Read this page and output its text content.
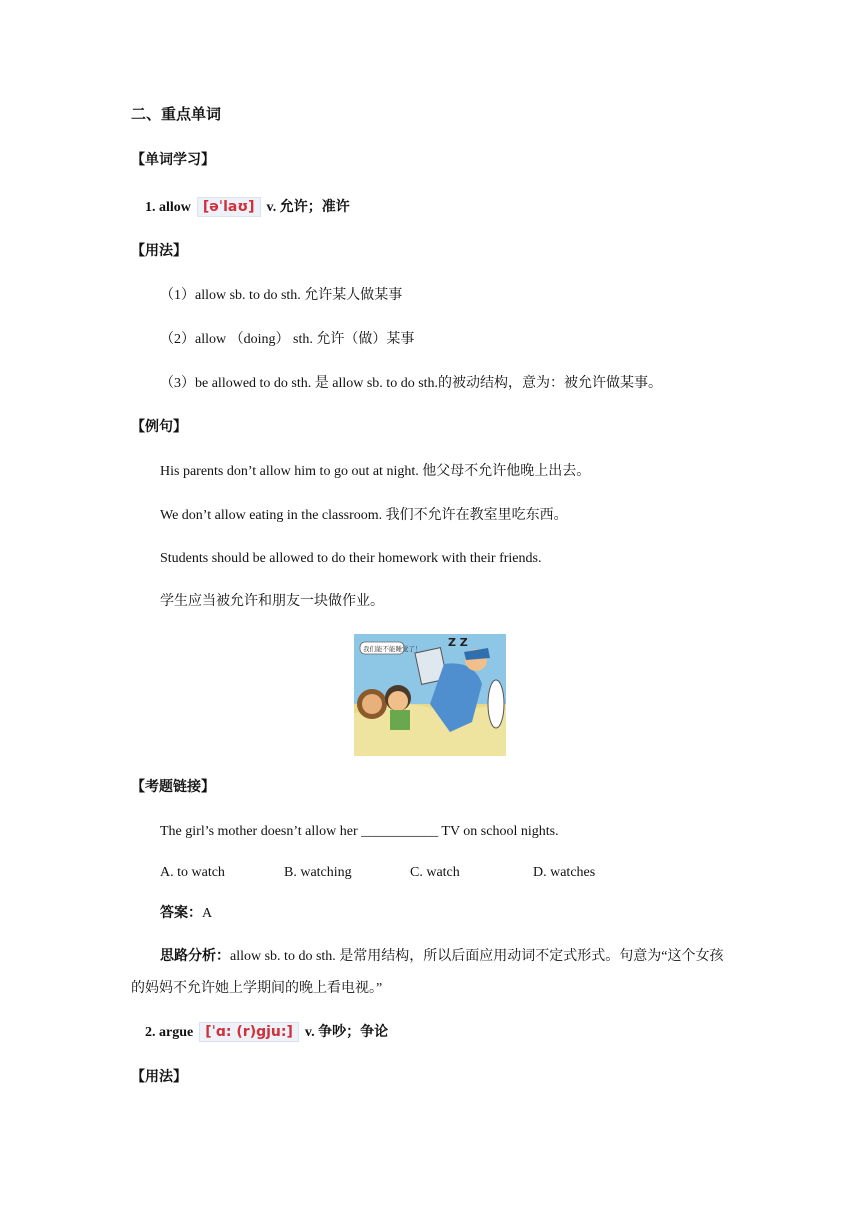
二、重点单词
【单词学习】
1. allow [əˈlaʊ] v. 允许；准许
【用法】
（1）allow sb. to do sth. 允许某人做某事
（2）allow （doing） sth. 允许（做）某事
（3）be allowed to do sth. 是 allow sb. to do sth.的被动结构，意为：被允许做某事。
【例句】
His parents don’t allow him to go out at night. 他父母不允许他晚上出去。
We don’t allow eating in the classroom. 我们不允许在教室里吃东西。
Students should be allowed to do their homework with their friends.
学生应当被允许和朋友一块做作业。
我们能不能睡觉了！ Z Z
【考题链接】
The girl’s mother doesn’t allow her ___________ TV on school nights.
A. to watch	B. watching	C. watch	D. watches
答案：A
思路分析：allow sb. to do sth. 是常用结构，所以后面应用动词不定式形式。句意为“这个女孩的妈妈不允许她上学期间的晚上看电视。”
2. argue [ˈɑ: (r)gju:] v. 争吵；争论
【用法】
